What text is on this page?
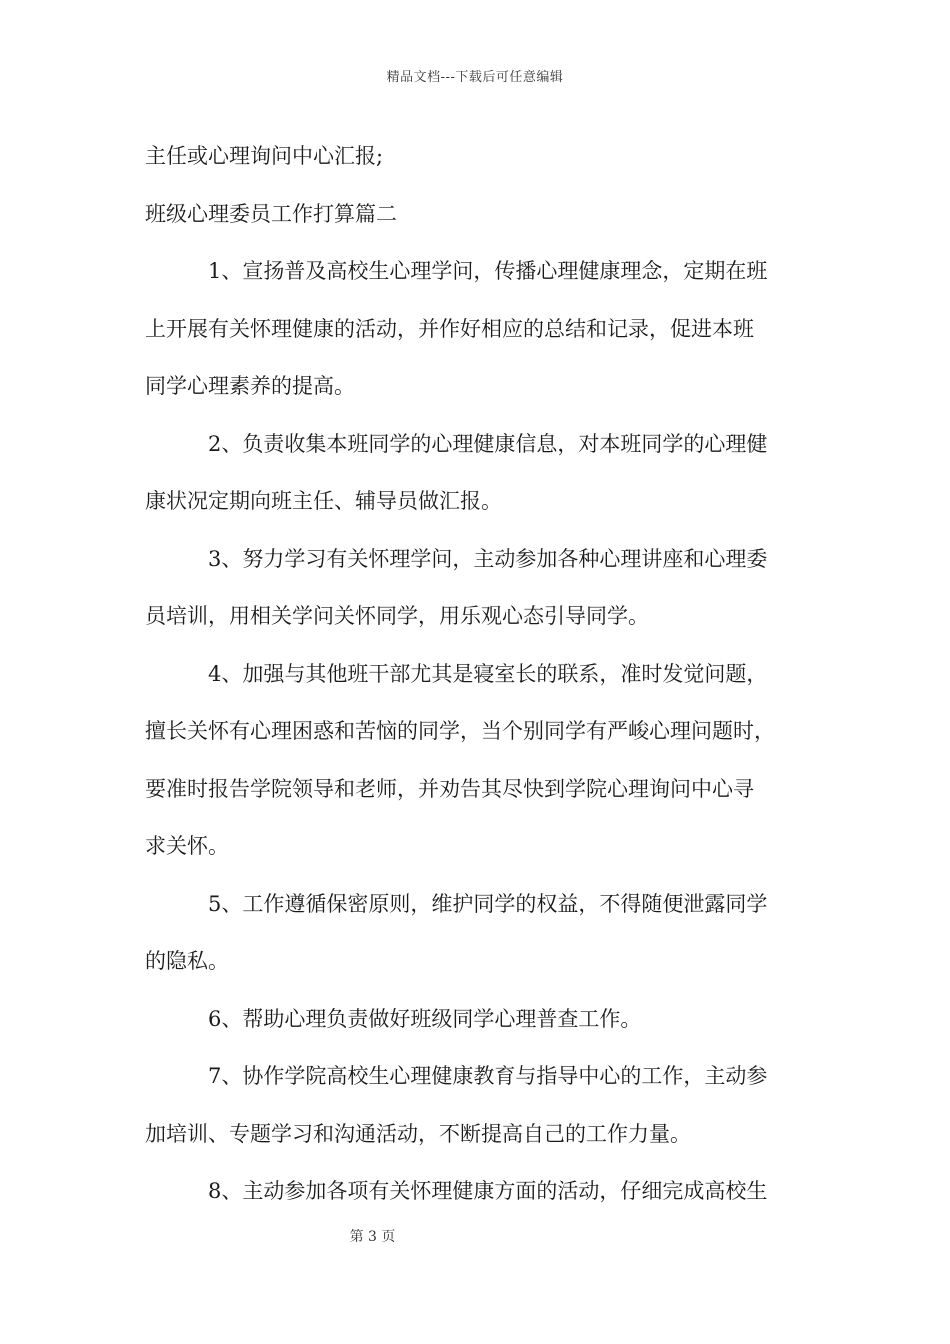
精品文档---下载后可任意编辑
主任或心理询问中心汇报;
班级心理委员工作打算篇二
1、宣扬普及高校生心理学问，传播心理健康理念，定期在班
上开展有关怀理健康的活动，并作好相应的总结和记录，促进本班
同学心理素养的提高。
2、负责收集本班同学的心理健康信息，对本班同学的心理健
康状况定期向班主任、辅导员做汇报。
3、努力学习有关怀理学问，主动参加各种心理讲座和心理委
员培训，用相关学问关怀同学，用乐观心态引导同学。
4、加强与其他班干部尤其是寝室长的联系，准时发觉问题，
擅长关怀有心理困惑和苦恼的同学，当个别同学有严峻心理问题时，
要准时报告学院领导和老师，并劝告其尽快到学院心理询问中心寻
求关怀。
5、工作遵循保密原则，维护同学的权益，不得随便泄露同学
的隐私。
6、帮助心理负责做好班级同学心理普查工作。
7、协作学院高校生心理健康教育与指导中心的工作，主动参
加培训、专题学习和沟通活动，不断提高自己的工作力量。
8、主动参加各项有关怀理健康方面的活动，仔细完成高校生
第 3 页
